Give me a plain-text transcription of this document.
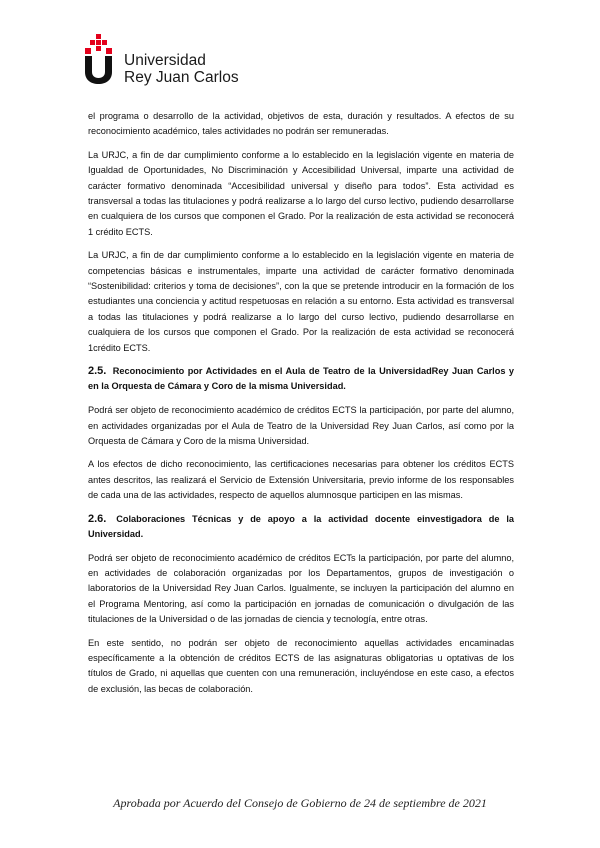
Universidad
Rey Juan Carlos

el programa o desarrollo de la actividad, objetivos de esta, duración y resultados. A efectos de su reconocimiento académico, tales actividades no podrán ser remuneradas.

La URJC, a fin de dar cumplimiento conforme a lo establecido en la legislación vigente en materia de Igualdad de Oportunidades, No Discriminación y Accesibilidad Universal, imparte una actividad de carácter formativo denominada “Accesibilidad universal y diseño para todos”. Esta actividad es transversal a todas las titulaciones y podrá realizarse a lo largo del curso lectivo, pudiendo desarrollarse en cualquiera de los cursos que componen el Grado. Por la realización de esta actividad se reconocerá 1 crédito ECTS.

La URJC, a fin de dar cumplimiento conforme a lo establecido en la legislación vigente en materia de competencias básicas e instrumentales, imparte una actividad de carácter formativo denominada “Sostenibilidad: criterios y toma de decisiones”, con la que se pretende introducir en la formación de los estudiantes una conciencia y actitud respetuosas en relación a su entorno. Esta actividad es transversal a todas las titulaciones y podrá realizarse a lo largo del curso lectivo, pudiendo desarrollarse en cualquiera de los cursos que componen el Grado. Por la realización de esta actividad se reconocerá 1crédito ECTS.

2.5. Reconocimiento por Actividades en el Aula de Teatro de la UniversidadRey Juan Carlos y en la Orquesta de Cámara y Coro de la misma Universidad.

Podrá ser objeto de reconocimiento académico de créditos ECTS la participación, por parte del alumno, en actividades organizadas por el Aula de Teatro de la Universidad Rey Juan Carlos, así como por la Orquesta de Cámara y Coro de la misma Universidad.

A los efectos de dicho reconocimiento, las certificaciones necesarias para obtener los créditos ECTS antes descritos, las realizará el Servicio de Extensión Universitaria, previo informe de los responsables de cada una de las actividades, respecto de aquellos alumnosque participen en las mismas.

2.6. Colaboraciones Técnicas y de apoyo a la actividad docente einvestigadora de la Universidad.

Podrá ser objeto de reconocimiento académico de créditos ECTs la participación, por parte del alumno, en actividades de colaboración organizadas por los Departamentos, grupos de investigación o laboratorios de la Universidad Rey Juan Carlos. Igualmente, se incluyen la participación del alumno en el Programa Mentoring, así como la participación en jornadas de comunicación o divulgación de las titulaciones de la Universidad o de las jornadas de ciencia y tecnología, entre otras.

En este sentido, no podrán ser objeto de reconocimiento aquellas actividades encaminadas específicamente a la obtención de créditos ECTS de las asignaturas obligatorias u optativas de los títulos de Grado, ni aquellas que cuenten con una remuneración, incluyéndose en este caso, a efectos de exclusión, las becas de colaboración.

Aprobada por Acuerdo del Consejo de Gobierno de 24 de septiembre de 2021
